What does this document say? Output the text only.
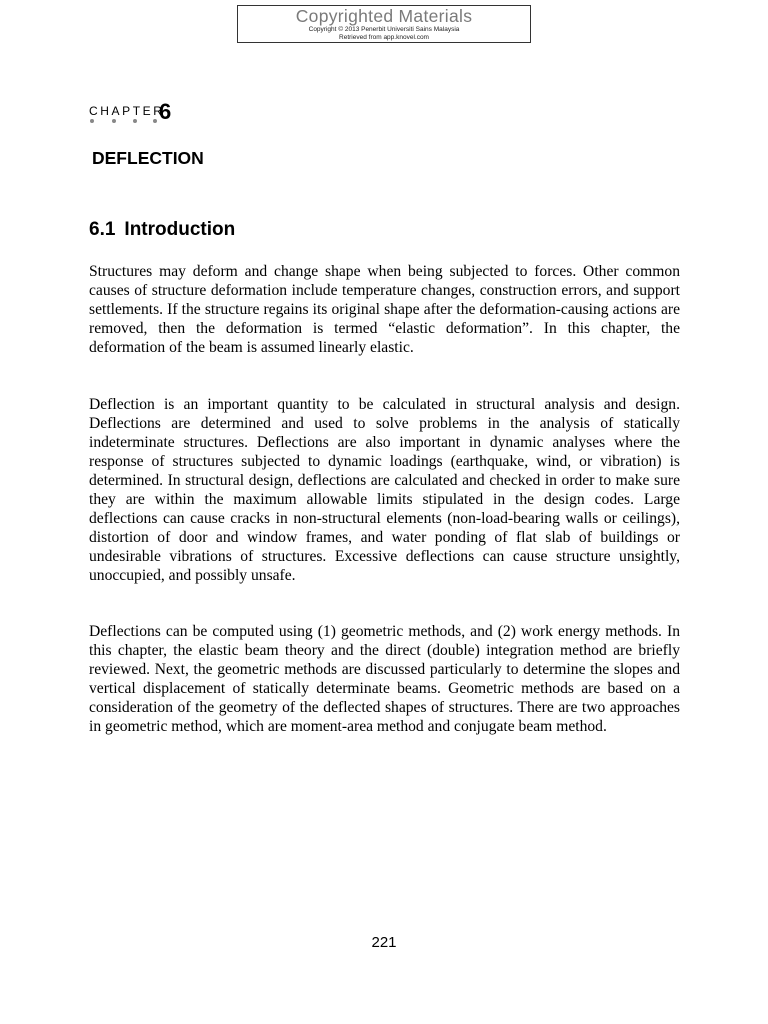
Copyrighted Materials
Copyright © 2013 Penerbit Universiti Sains Malaysia
Retrieved from app.knovel.com
CHAPTER
6
DEFLECTION
6.1 Introduction

Structures may deform and change shape when being subjected to forces. Other common causes of structure deformation include temperature changes, construction errors, and support settlements. If the structure regains its original shape after the deformation-causing actions are removed, then the deformation is termed “elastic deformation”. In this chapter, the deformation of the beam is assumed linearly elastic.

Deflection is an important quantity to be calculated in structural analysis and design. Deflections are determined and used to solve problems in the analysis of statically indeterminate structures. Deflections are also important in dynamic analyses where the response of structures subjected to dynamic loadings (earthquake, wind, or vibration) is determined. In structural design, deflections are calculated and checked in order to make sure they are within the maximum allowable limits stipulated in the design codes. Large deflections can cause cracks in non-structural elements (non-load-bearing walls or ceilings), distortion of door and window frames, and water ponding of flat slab of buildings or undesirable vibrations of structures. Excessive deflections can cause structure unsightly, unoccupied, and possibly unsafe.

Deflections can be computed using (1) geometric methods, and (2) work energy methods. In this chapter, the elastic beam theory and the direct (double) integration method are briefly reviewed. Next, the geometric methods are discussed particularly to determine the slopes and vertical displacement of statically determinate beams. Geometric methods are based on a consideration of the geometry of the deflected shapes of structures. There are two approaches in geometric method, which are moment-area method and conjugate beam method.

221
